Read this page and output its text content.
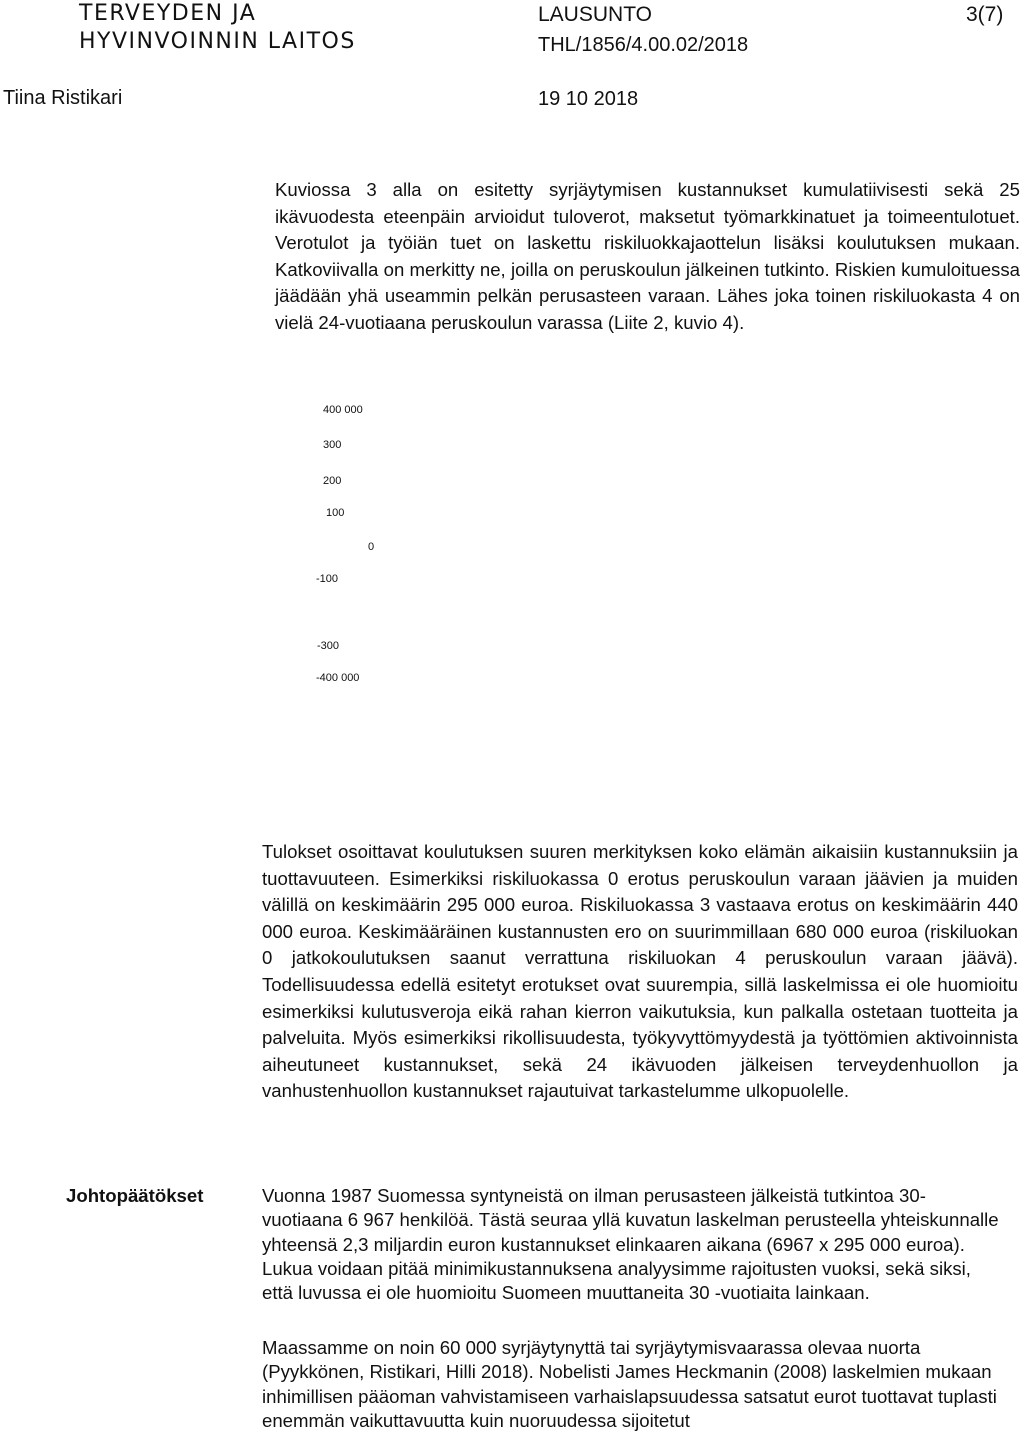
TERVEYDEN JA
HYVINVOINNIN LAITOS
LAUSUNTO
THL/1856/4.00.02/2018
3(7)
Tiina Ristikari	19 10 2018

Kuviossa 3 alla on esitetty syrjäytymisen kustannukset kumulatiivisesti sekä 25 ikävuodesta eteenpäin arvioidut tuloverot, maksetut työmarkkinatuet ja toimeentulotuet. Verotulot ja työiän tuet on laskettu riskiluokkajaottelun lisäksi koulutuksen mukaan. Katkoviivalla on merkitty ne, joilla on peruskoulun jälkeinen tutkinto. Riskien kumuloituessa jäädään yhä useammin pelkän perusasteen varaan. Lähes joka toinen riskiluokasta 4 on vielä 24-vuotiaana peruskoulun varassa (Liite 2, kuvio 4).

400 000
300
200
100
0
-100
-300
-400 000

Tulokset osoittavat koulutuksen suuren merkityksen koko elämän aikaisiin kustannuksiin ja tuottavuuteen. Esimerkiksi riskiluokassa 0 erotus peruskoulun varaan jäävien ja muiden välillä on keskimäärin 295 000 euroa. Riskiluokassa 3 vastaava erotus on keskimäärin 440 000 euroa. Keskimääräinen kustannusten ero on suurimmillaan 680 000 euroa (riskiluokan 0 jatkokoulutuksen saanut verrattuna riskiluokan 4 peruskoulun varaan jäävä). Todellisuudessa edellä esitetyt erotukset ovat suurempia, sillä laskelmissa ei ole huomioitu esimerkiksi kulutusveroja eikä rahan kierron vaikutuksia, kun palkalla ostetaan tuotteita ja palveluita. Myös esimerkiksi rikollisuudesta, työkyvyttömyydestä ja työttömien aktivoinnista aiheutuneet kustannukset, sekä 24 ikävuoden jälkeisen terveydenhuollon ja vanhustenhuollon kustannukset rajautuivat tarkastelumme ulkopuolelle.

Johtopäätökset	Vuonna 1987 Suomessa syntyneistä on ilman perusasteen jälkeistä tutkintoa 30-vuotiaana 6 967 henkilöä. Tästä seuraa yllä kuvatun laskelman perusteella yhteiskunnalle yhteensä 2,3 miljardin euron kustannukset elinkaaren aikana (6967 x 295 000 euroa). Lukua voidaan pitää minimikustannuksena analyysimme rajoitusten vuoksi, sekä siksi, että luvussa ei ole huomioitu Suomeen muuttaneita 30 -vuotiaita lainkaan.

Maassamme on noin 60 000 syrjäytynyttä tai syrjäytymisvaarassa olevaa nuorta (Pyykkönen, Ristikari, Hilli 2018). Nobelisti James Heckmanin (2008) laskelmien mukaan inhimillisen pääoman vahvistamiseen varhaislapsuudessa satsatut eurot tuottavat tuplasti enemmän vaikuttavuutta kuin nuoruudessa sijoitetut
